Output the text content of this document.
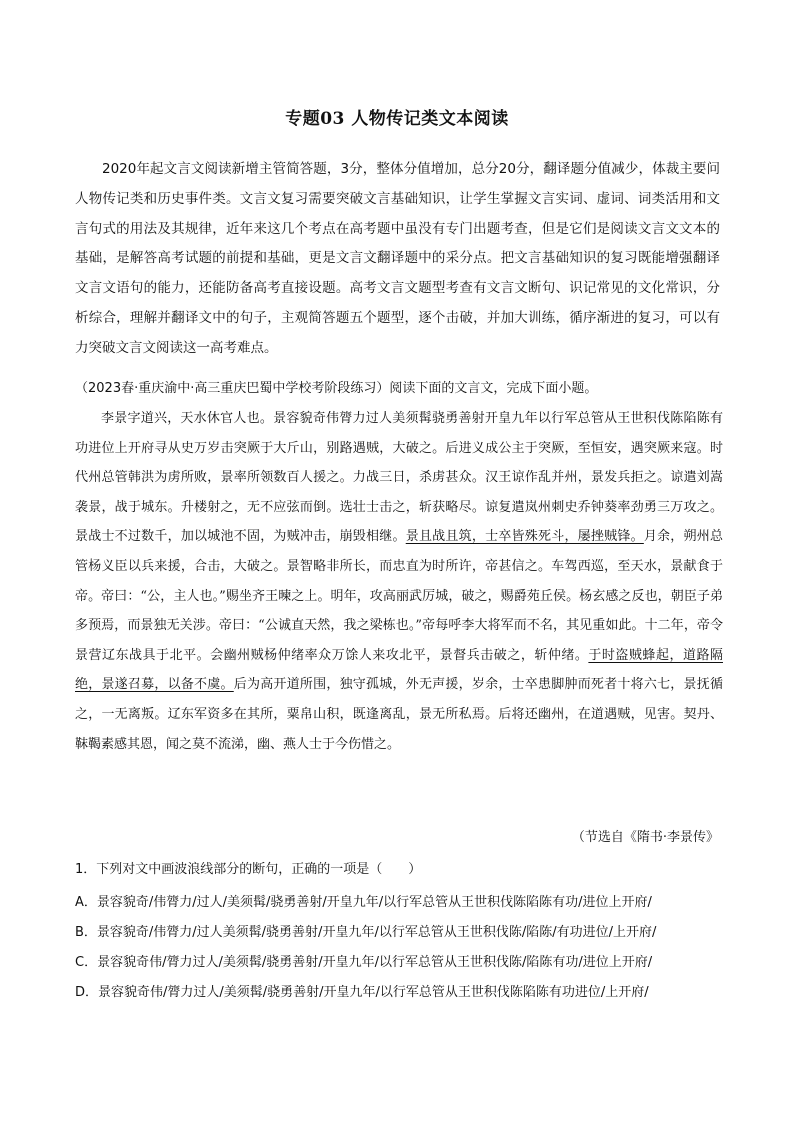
专题03 人物传记类文本阅读

2020年起文言文阅读新增主管简答题，3分，整体分值增加，总分20分，翻译题分值减少，体裁主要问人物传记类和历史事件类。文言文复习需要突破文言基础知识，让学生掌握文言实词、虚词、词类活用和文言句式的用法及其规律，近年来这几个考点在高考题中虽没有专门出题考查，但是它们是阅读文言文文本的基础，是解答高考试题的前提和基础，更是文言文翻译题中的采分点。把文言基础知识的复习既能增强翻译文言文语句的能力，还能防备高考直接设题。高考文言文题型考查有文言文断句、识记常见的文化常识，分析综合，理解并翻译文中的句子，主观简答题五个题型，逐个击破，并加大训练，循序渐进的复习，可以有力突破文言文阅读这一高考难点。

（2023春·重庆渝中·高三重庆巴蜀中学校考阶段练习）阅读下面的文言文，完成下面小题。

李景字道兴，天水休官人也。景容貌奇伟膂力过人美须髯骁勇善射开皇九年以行军总管从王世积伐陈陷陈有功进位上开府寻从史万岁击突厥于大斤山，别路遇贼，大破之。后进义成公主于突厥，至恒安，遇突厥来寇。时代州总管韩洪为虏所败，景率所领数百人援之。力战三日，杀虏甚众。汉王谅作乱并州，景发兵拒之。谅遣刘嵩袭景，战于城东。升楼射之，无不应弦而倒。选壮士击之，斩获略尽。谅复遣岚州刺史乔钟葵率劲勇三万攻之。景战士不过数千，加以城池不固，为贼冲击，崩毁相继。景且战且筑，士卒皆殊死斗，屡挫贼锋。月余，朔州总管杨义臣以兵来援，合击，大破之。景智略非所长，而忠直为时所许，帝甚信之。车驾西巡，至天水，景献食于帝。帝曰：“公，主人也。”赐坐齐王暕之上。明年，攻高丽武厉城，破之，赐爵苑丘侯。杨玄感之反也，朝臣子弟多预焉，而景独无关涉。帝曰：“公诚直天然，我之梁栋也。”帝每呼李大将军而不名，其见重如此。十二年，帝令景营辽东战具于北平。会幽州贼杨仲绪率众万馀人来攻北平，景督兵击破之，斩仲绪。于时盗贼蜂起，道路隔绝，景遂召募，以备不虞。后为高开道所围，独守孤城，外无声援，岁余，士卒患脚肿而死者十将六七，景抚循之，一无离叛。辽东军资多在其所，粟帛山积，既逢离乱，景无所私焉。后将还幽州，在道遇贼，见害。契丹、靺鞨素感其恩，闻之莫不流涕，幽、燕人士于今伤惜之。

（节选自《隋书·李景传》

1．下列对文中画波浪线部分的断句，正确的一项是（　　）

A．景容貌奇/伟膂力/过人/美须髯/骁勇善射/开皇九年/以行军总管从王世积伐陈陷陈有功/进位上开府/
B．景容貌奇/伟膂力/过人美须髯/骁勇善射/开皇九年/以行军总管从王世积伐陈/陷陈/有功进位/上开府/
C．景容貌奇伟/膂力过人/美须髯/骁勇善射/开皇九年/以行军总管从王世积伐陈/陷陈有功/进位上开府/
D．景容貌奇伟/膂力过人/美须髯/骁勇善射/开皇九年/以行军总管从王世积伐陈陷陈有功进位/上开府/
